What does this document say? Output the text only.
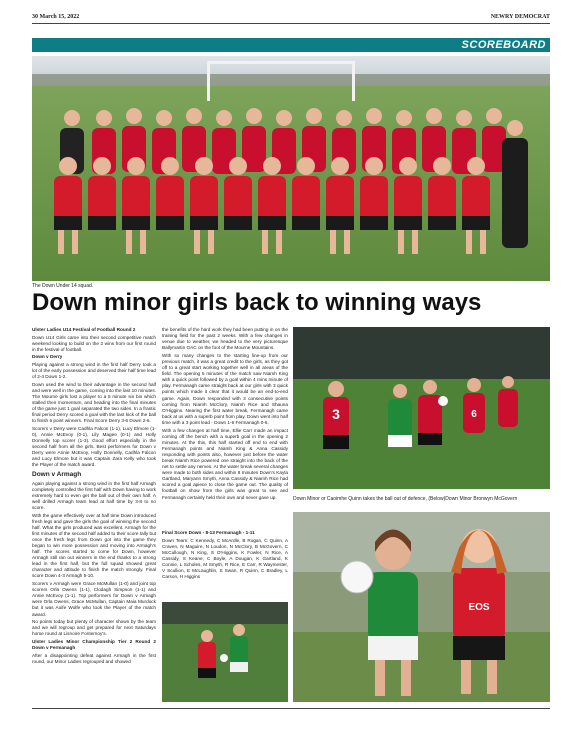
30 March 15, 2022	NEWRY DEMOCRAT
SCOREBOARD
The Down Under 14 squad.
Down minor girls back to winning ways

Ulster Ladies U14 Festival of Football Round 2

Down U14 Girls came into their second competitive match weekend looking to build on the 2 wins from our first round in the festival of football.

Down v Derry

Playing against a strong wind in the first half Derry took a lot of the early possession and deserved their half time lead of 2-4 Down 1-2.

Down used the wind to their advantage in the second half and were well in the game, coming into the last 10 minutes. The Mourne girls lost a player to a 5 minute sin bin which stalled their momentum, and heading into the final minutes of the game just 1 goal separated the two sides. In a frantic final period Derry scored a goal with the last kick of the ball to finish 6 point winners. Final Score Derry 3-6 Down 2-6.

Scorers v Derry were Cadhla Falcon (1-1), Lucy Elmore (1-0), Annie McEvoy (0-1), Lily Magee (0-1) and Holly Donnelly top scorer (1-3). Good effort especially in the second half from all the girls. Best performers for Down v Derry were Annie McEvoy, Holly Donnelly, Cadhla Falcon and Lucy Elmore but it was Captain Zara Kelly who took the Player of the match award.

Down v Armagh

Again playing against a strong wind in the first half Armagh completely controlled the first half with Down having to work extremely hard to even get the ball out of their own half. A well drilled Armagh team lead at half time by 3-8 to no score.

With the game effectively over at half time Down introduced fresh legs and gave the girls the goal of winning the second half. What the girls produced was excellent. Armagh for the first minutes of the second half added to their score tally but once the fresh legs from Down got into the game they began to win more possession and moving into Armagh's half. The scores started to come for Down, however Armagh still ran out winners in the end thanks to a strong lead in the first half, but the full squad showed great character and attitude to finish the match strongly. Final score Down 4-3 Armagh 5-10.

Scorers v Armagh were Grace McMullan (1-0) and joint top scorers Orla Owens (1-1), Clodagh Simpson (1-1) and Annie McEvoy (1-1). Top performers for Down v Armagh were Orla Owens, Grace McMullan, Captain Maia Murdock but it was Aoife Wolfe who took the Player of the match award.

No points today but plenty of character shown by the team and we will regroup and get prepared for next Saturdays home round at Lisnoire Fonternoy's.

Ulster Ladies Minor Championship Tier 2 Round 2 Down v Fermanagh

After a disappointing defeat against Armagh in the first round, our Minor Ladies regrouped and showed

the benefits of the hard work they had been putting in on the training field for the past 2 weeks. With a few changes in venue due to weather, we headed to the very picturesque Ballymartin GAC on the foot of the Mourne Mountains.

With so many changes to the starting line-up from our previous match, it was a great credit to the girls, as they got off to a great start working together well in all areas of the field. The opening 5 minutes of the match saw Niamh King with a quick point followed by a goal within 4 mins minute of play. Fermanagh came straight back at our girls with 3 quick points which made it clear that it would be an end-to-end game. Again, Down responded with 3 consecutive points coming from Niamh McClory, Niamh Rice and Shauna O'Higgins. Nearing the first water break, Fermanagh came back at us with a superb point from play. Down went into half time with a 3 point lead - Down 1-6 Fermanagh 0-6.

With a few changes at half time, Ellie Carr made an impact coming off the bench with a superb goal in the opening 2 minutes. At the this, this half started off end to end with Fermanagh points and Niamh King & Anna Cassidy responding with points also, however just before the water break Niamh Rice powered one straight into the back of the net to settle any nerves. At the water break several changes were made to both sides and within 8 minutes Down's Kayla Gartland, Maryann Smyth, Anna Cassidy & Niamh Rice had scored a goal apiece to close the game out. The quality of football on show from the girls was great to see and Fermanagh certainly held their own and never gave up.

Final Score Down - 8-13 Fermanagh - 1-11

Down Team: C Kennedy, C McArdle, B Rogan, C Quinn, A Craven, N Maguire, N Loudon, N McClory, B McGovern, C McCullough, N King, S O'Higgins, K Fowler, N Rice, A Cassidy, S Keane, C Boyle, A Dougan, K Gartland, K Connie, L Scholes, M Smyth, R Rice, E Carr, R Waymester, V Scullion, E McLaughlin, S Swan, R Quinn, C Bradley, L Carson, H Higgins

3	6
Down Minor or Caoimhe Quinn takes the ball out of defence, (Below)Down Minor Bronwyn McGovern
EOS
